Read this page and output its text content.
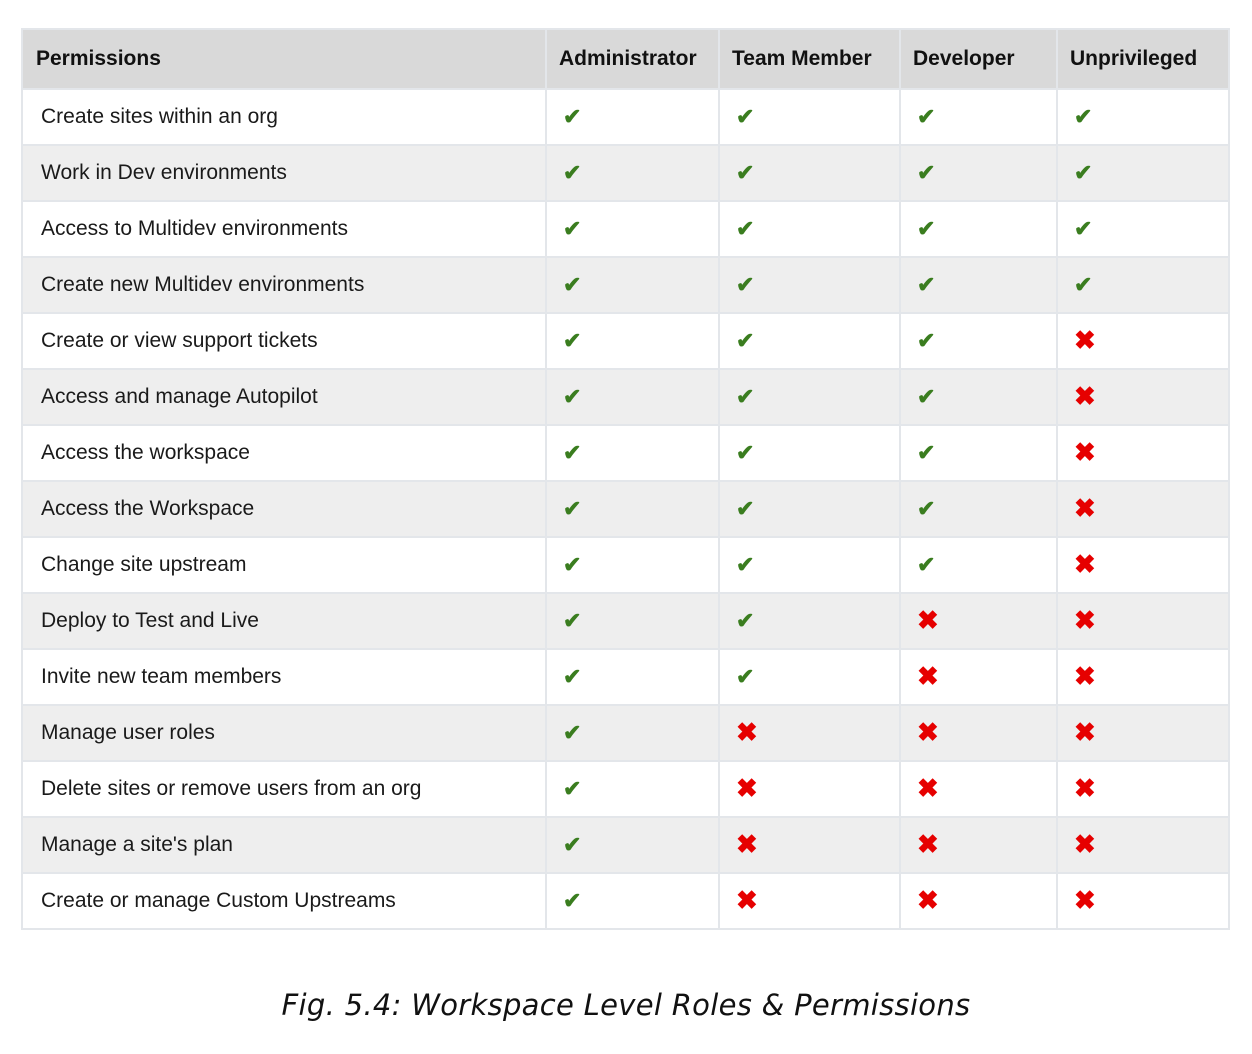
Permissions	Administrator	Team Member	Developer	Unprivileged
Create sites within an org	✔	✔	✔	✔
Work in Dev environments	✔	✔	✔	✔
Access to Multidev environments	✔	✔	✔	✔
Create new Multidev environments	✔	✔	✔	✔
Create or view support tickets	✔	✔	✔	✖
Access and manage Autopilot	✔	✔	✔	✖
Access the workspace	✔	✔	✔	✖
Access the Workspace	✔	✔	✔	✖
Change site upstream	✔	✔	✔	✖
Deploy to Test and Live	✔	✔	✖	✖
Invite new team members	✔	✔	✖	✖
Manage user roles	✔	✖	✖	✖
Delete sites or remove users from an org	✔	✖	✖	✖
Manage a site's plan	✔	✖	✖	✖
Create or manage Custom Upstreams	✔	✖	✖	✖
Fig. 5.4: Workspace Level Roles & Permissions
